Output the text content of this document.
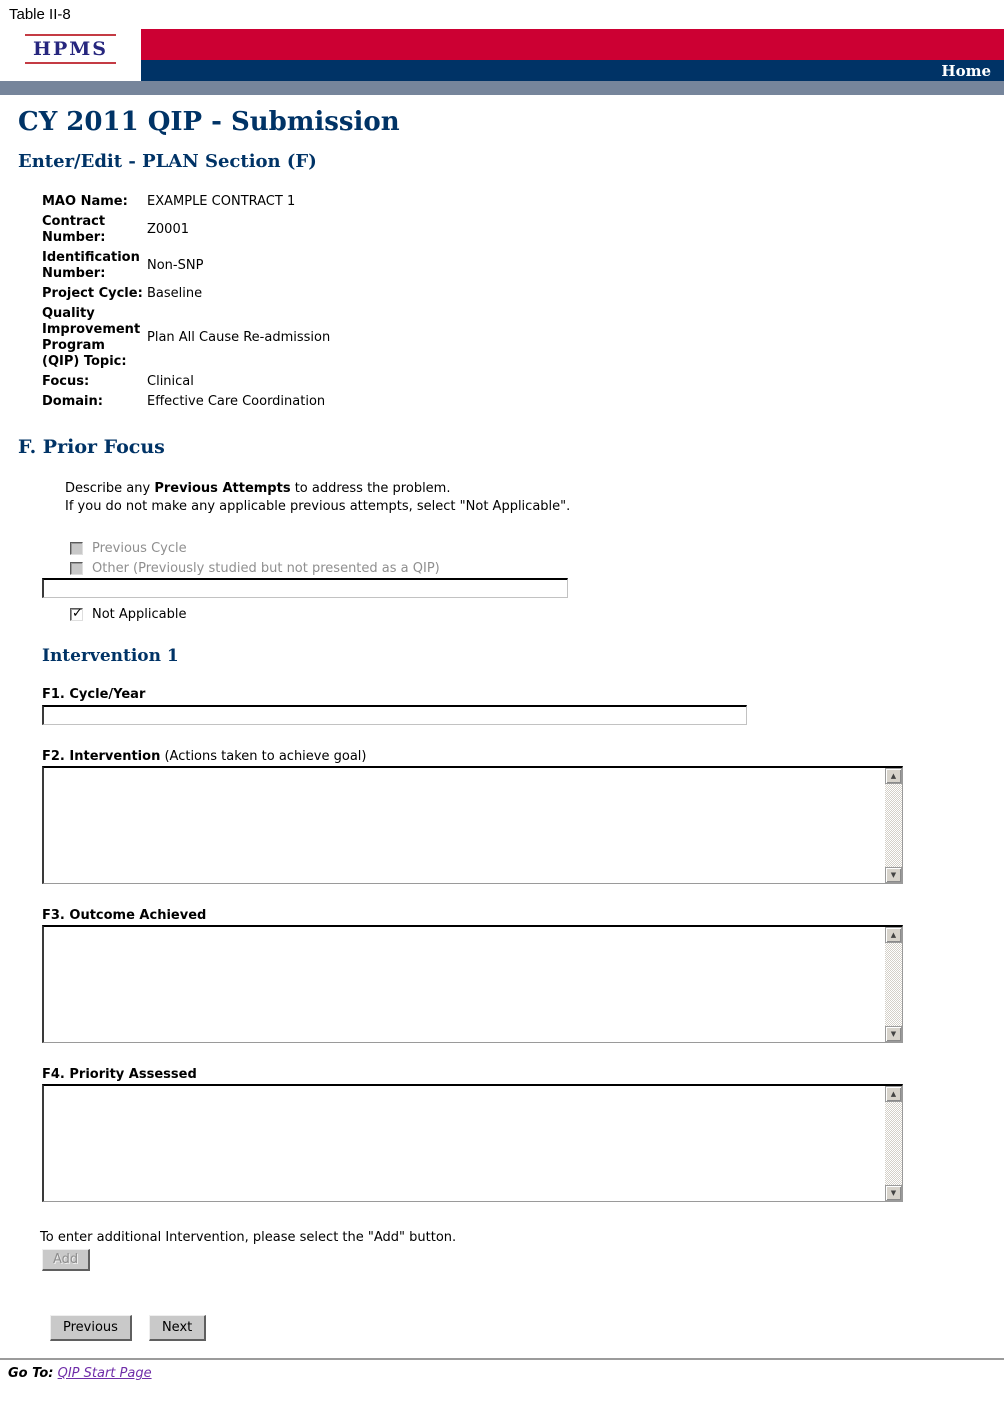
Table II-8
HPMS
Home
CY 2011 QIP - Submission
Enter/Edit - PLAN Section (F)
MAO Name:	EXAMPLE CONTRACT 1
Contract Number:	Z0001
Identification Number:	Non-SNP
Project Cycle:	Baseline
Quality Improvement Program (QIP) Topic:	Plan All Cause Re-admission
Focus:	Clinical
Domain:	Effective Care Coordination
F. Prior Focus
Describe any Previous Attempts to address the problem.
If you do not make any applicable previous attempts, select "Not Applicable".
Previous Cycle
Other (Previously studied but not presented as a QIP)
✓
Not Applicable
Intervention 1
F1. Cycle/Year
F2. Intervention (Actions taken to achieve goal)
▲
▼
F3. Outcome Achieved
▲
▼
F4. Priority Assessed
▲
▼
To enter additional Intervention, please select the "Add" button.
Add
Previous	Next
Go To: QIP Start Page
